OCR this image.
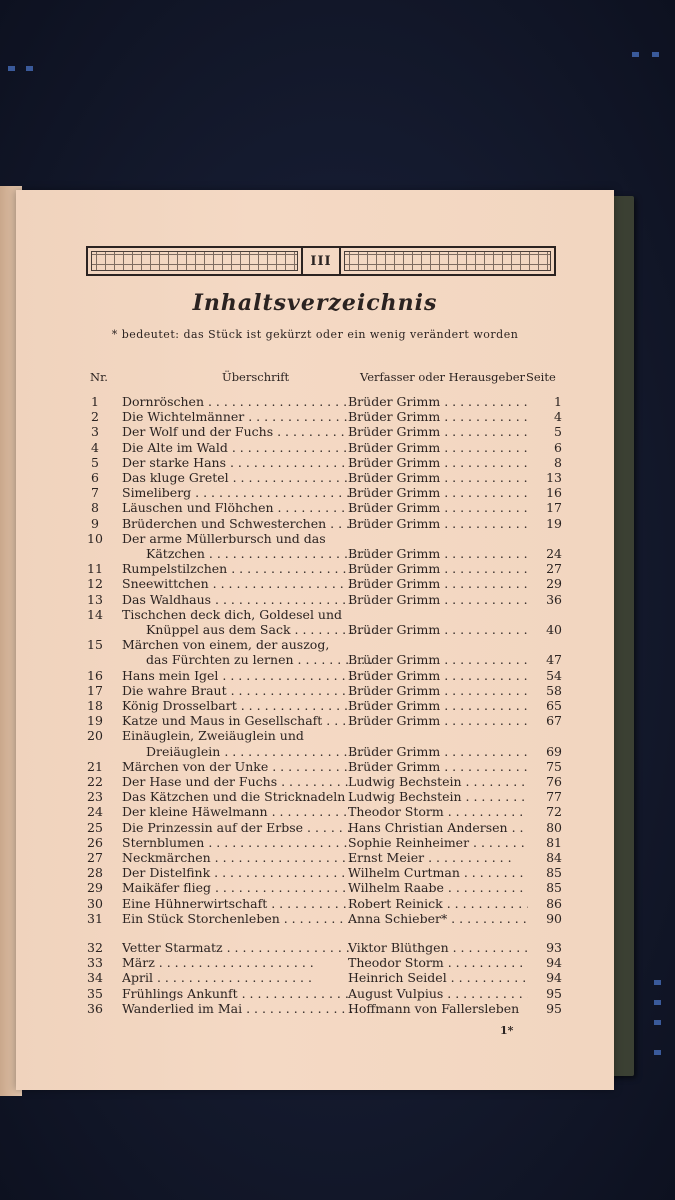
III
Inhaltsverzeichnis
* bedeutet: das Stück ist gekürzt oder ein wenig verändert worden
Nr.	Überschrift	Verfasser oder Herausgeber Seite
1	Dornröschen . . .	Brüder Grimm . . .	1
2	Die Wichtelmänner . . .	Brüder Grimm . . .	4
3	Der Wolf und der Fuchs . . .	Brüder Grimm . . .	5
4	Die Alte im Wald . . .	Brüder Grimm . . .	6
5	Der starke Hans . . .	Brüder Grimm . . .	8
6	Das kluge Gretel . . .	Brüder Grimm . . .	13
7	Simeliberg . . .	Brüder Grimm . . .	16
8	Läuschen und Flöhchen . . .	Brüder Grimm . . .	17
9	Brüderchen und Schwesterchen . . .	Brüder Grimm . . .	19
10	Der arme Müllerbursch und das
Kätzchen . . .	Brüder Grimm . . .	24
11	Rumpelstilzchen . . .	Brüder Grimm . . .	27
12	Sneewittchen . . .	Brüder Grimm . . .	29
13	Das Waldhaus . . .	Brüder Grimm . . .	36
14	Tischchen deck dich, Goldesel und
Knüppel aus dem Sack . . .	Brüder Grimm . . .	40
15	Märchen von einem, der auszog,
das Fürchten zu lernen . . .	Brüder Grimm . . .	47
16	Hans mein Igel . . .	Brüder Grimm . . .	54
17	Die wahre Braut . . .	Brüder Grimm . . .	58
18	König Drosselbart . . .	Brüder Grimm . . .	65
19	Katze und Maus in Gesellschaft . . .	Brüder Grimm . . .	67
20	Einäuglein, Zweiäuglein und
Dreiäuglein . . .	Brüder Grimm . . .	69
21	Märchen von der Unke . . .	Brüder Grimm . . .	75
22	Der Hase und der Fuchs . . .	Ludwig Bechstein . . .	76
23	Das Kätzchen und die Stricknadeln . . . Ludwig Bechstein . . .	77
24	Der kleine Häwelmann . . .	Theodor Storm . . .	72
25	Die Prinzessin auf der Erbse . . .	Hans Christian Andersen . . .	80
26	Sternblumen . . .	Sophie Reinheimer . . .	81
27	Neckmärchen . . .	Ernst Meier . . .	84
28	Der Distelfink . . .	Wilhelm Curtman . . .	85
29	Maikäfer flieg . . .	Wilhelm Raabe . . .	85
30	Eine Hühnerwirtschaft . . .	Robert Reinick . . .	86
31	Ein Stück Storchenleben . . .	Anna Schieber* . . .	90
32	Vetter Starmatz . . .	Viktor Blüthgen . . .	93
33	März . . .	Theodor Storm . . .	94
34	April . . .	Heinrich Seidel . . .	94
35	Frühlings Ankunft . . .	August Vulpius . . .	95
36	Wanderlied im Mai . . .	Hoffmann von Fallersleben	95
1*
